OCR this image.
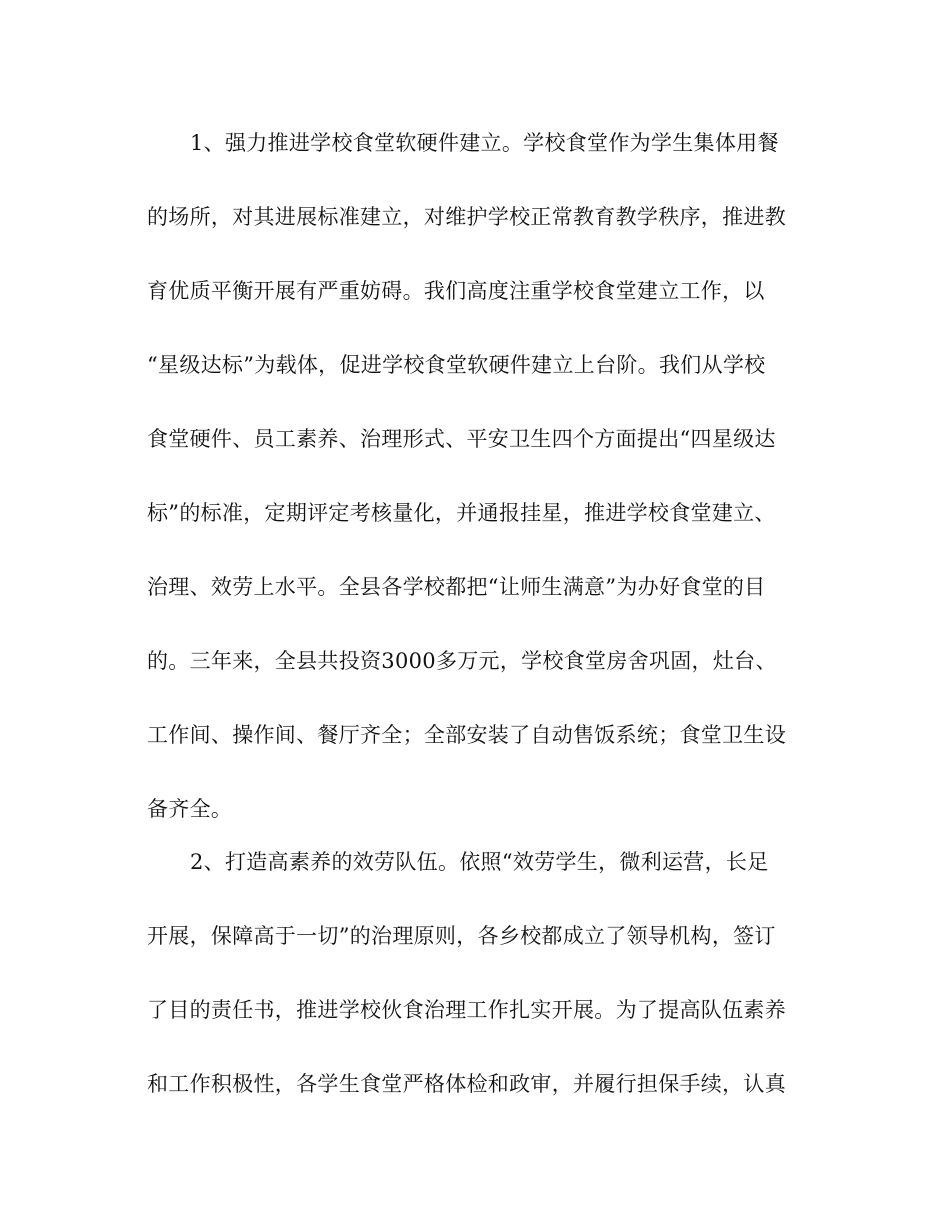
1、强力推进学校食堂软硬件建立。学校食堂作为学生集体用餐
的场所，对其进展标准建立，对维护学校正常教育教学秩序，推进教
育优质平衡开展有严重妨碍。我们高度注重学校食堂建立工作，以
“星级达标”为载体，促进学校食堂软硬件建立上台阶。我们从学校
食堂硬件、员工素养、治理形式、平安卫生四个方面提出“四星级达
标”的标准，定期评定考核量化，并通报挂星，推进学校食堂建立、
治理、效劳上水平。全县各学校都把“让师生满意”为办好食堂的目
的。三年来，全县共投资3000多万元，学校食堂房舍巩固，灶台、
工作间、操作间、餐厅齐全；全部安装了自动售饭系统；食堂卫生设
备齐全。
2、打造高素养的效劳队伍。依照“效劳学生，微利运营，长足
开展，保障高于一切”的治理原则，各乡校都成立了领导机构，签订
了目的责任书，推进学校伙食治理工作扎实开展。为了提高队伍素养
和工作积极性，各学生食堂严格体检和政审，并履行担保手续，认真
